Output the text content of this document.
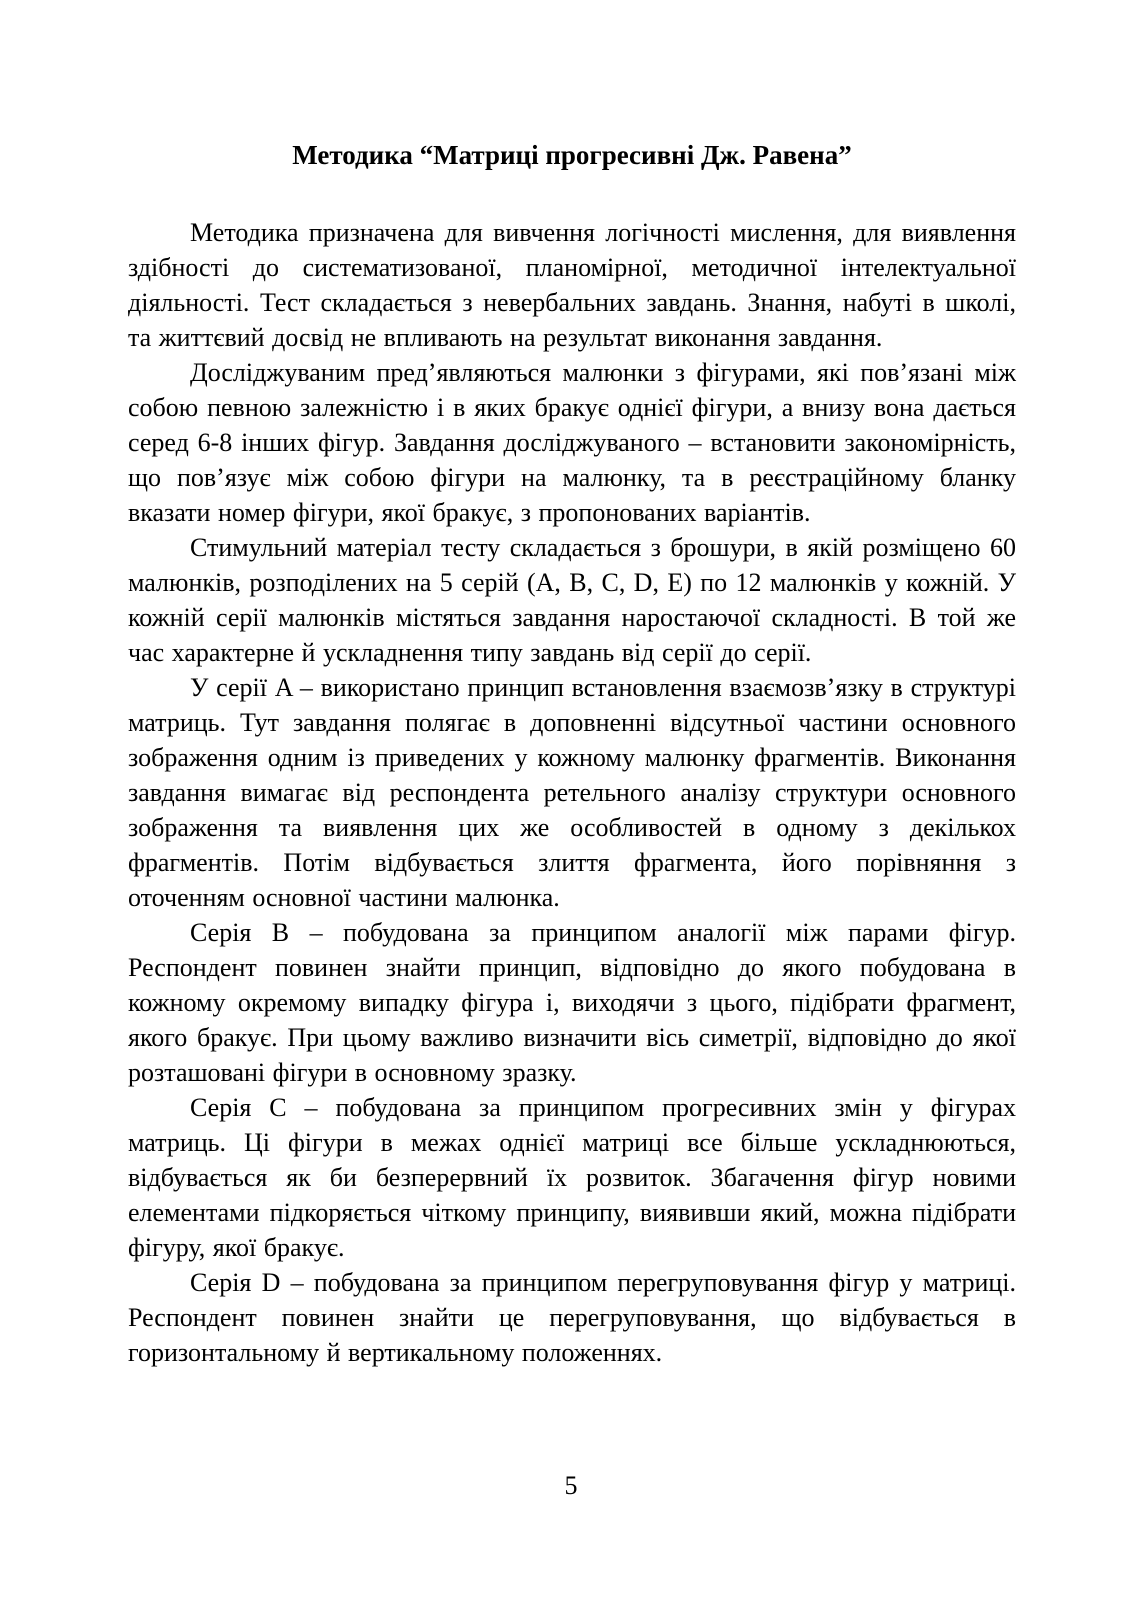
Методика “Матриці прогресивні Дж. Равена”

Методика призначена для вивчення логічності мислення, для виявлення здібності до систематизованої, планомірної, методичної інтелектуальної діяльності. Тест складається з невербальних завдань. Знання, набуті в школі, та життєвий досвід не впливають на результат виконання завдання.

Досліджуваним пред’являються малюнки з фігурами, які пов’язані між собою певною залежністю і в яких бракує однієї фігури, а внизу вона дається серед 6-8 інших фігур. Завдання досліджуваного – встановити закономірність, що пов’язує між собою фігури на малюнку, та в реєстраційному бланку вказати номер фігури, якої бракує, з пропонованих варіантів.

Стимульний матеріал тесту складається з брошури, в якій розміщено 60 малюнків, розподілених на 5 серій (A, B, C, D, E) по 12 малюнків у кожній. У кожній серії малюнків містяться завдання наростаючої складності. В той же час характерне й ускладнення типу завдань від серії до серії.

У серії A – використано принцип встановлення взаємозв’язку в структурі матриць. Тут завдання полягає в доповненні відсутньої частини основного зображення одним із приведених у кожному малюнку фрагментів. Виконання завдання вимагає від респондента ретельного аналізу структури основного зображення та виявлення цих же особливостей в одному з декількох фрагментів. Потім відбувається злиття фрагмента, його порівняння з оточенням основної частини малюнка.

Серія B – побудована за принципом аналогії між парами фігур. Респондент повинен знайти принцип, відповідно до якого побудована в кожному окремому випадку фігура і, виходячи з цього, підібрати фрагмент, якого бракує. При цьому важливо визначити вісь симетрії, відповідно до якої розташовані фігури в основному зразку.

Серія C – побудована за принципом прогресивних змін у фігурах матриць. Ці фігури в межах однієї матриці все більше ускладнюються, відбувається як би безперервний їх розвиток. Збагачення фігур новими елементами підкоряється чіткому принципу, виявивши який, можна підібрати фігуру, якої бракує.

Серія D – побудована за принципом перегруповування фігур у матриці. Респондент повинен знайти це перегруповування, що відбувається в горизонтальному й вертикальному положеннях.

5
